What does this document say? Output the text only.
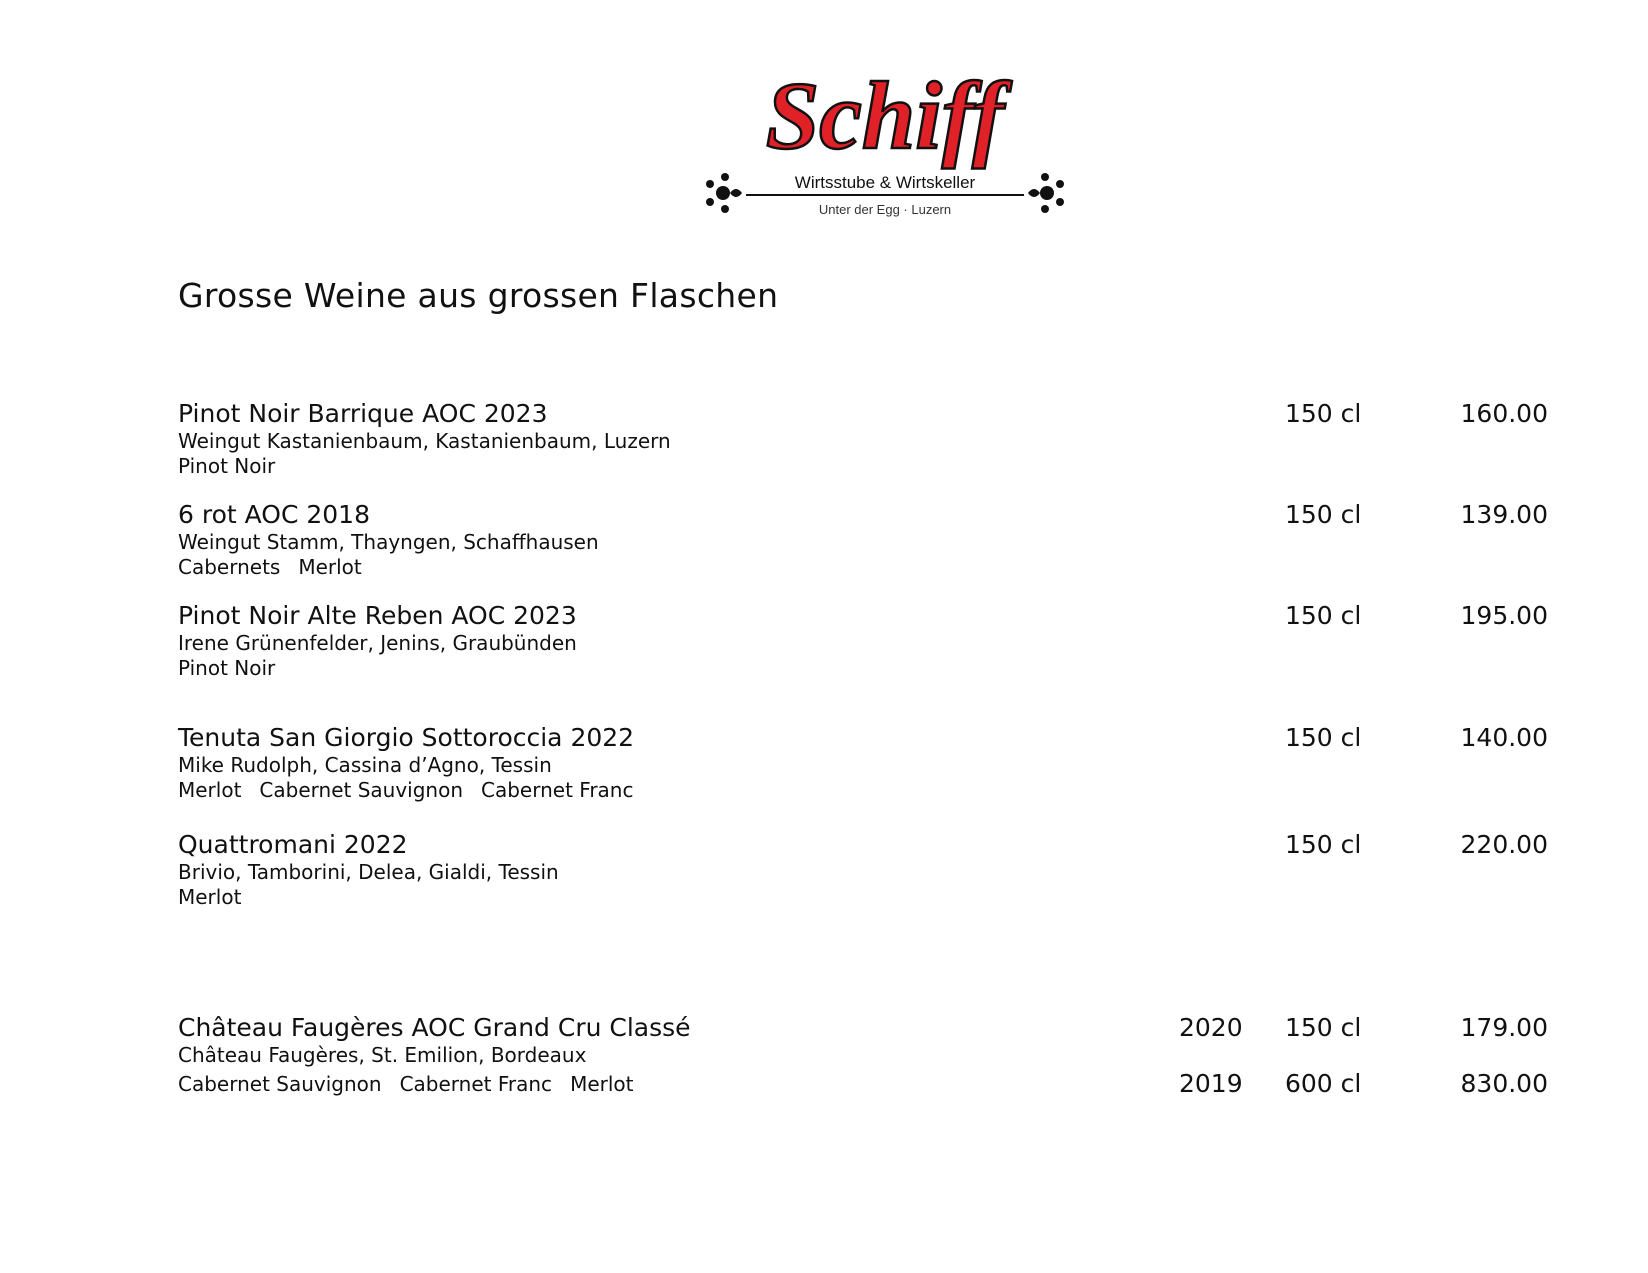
Schiff
Wirtsstube & Wirtskeller
Unter der Egg · Luzern
Grosse Weine aus grossen Flaschen
Pinot Noir Barrique AOC 2023
Weingut Kastanienbaum, Kastanienbaum, Luzern
Pinot Noir
150 cl	160.00
6 rot AOC 2018
Weingut Stamm, Thayngen, Schaffhausen
Cabernets Merlot
150 cl	139.00
Pinot Noir Alte Reben AOC 2023
Irene Grünenfelder, Jenins, Graubünden
Pinot Noir
150 cl	195.00
Tenuta San Giorgio Sottoroccia 2022
Mike Rudolph, Cassina d’Agno, Tessin
Merlot Cabernet Sauvignon Cabernet Franc
150 cl	140.00
Quattromani 2022
Brivio, Tamborini, Delea, Gialdi, Tessin
Merlot
150 cl	220.00
Château Faugères AOC Grand Cru Classé
Château Faugères, St. Emilion, Bordeaux
Cabernet Sauvignon Cabernet Franc Merlot
2020 150 cl	179.00
2019 600 cl	830.00
